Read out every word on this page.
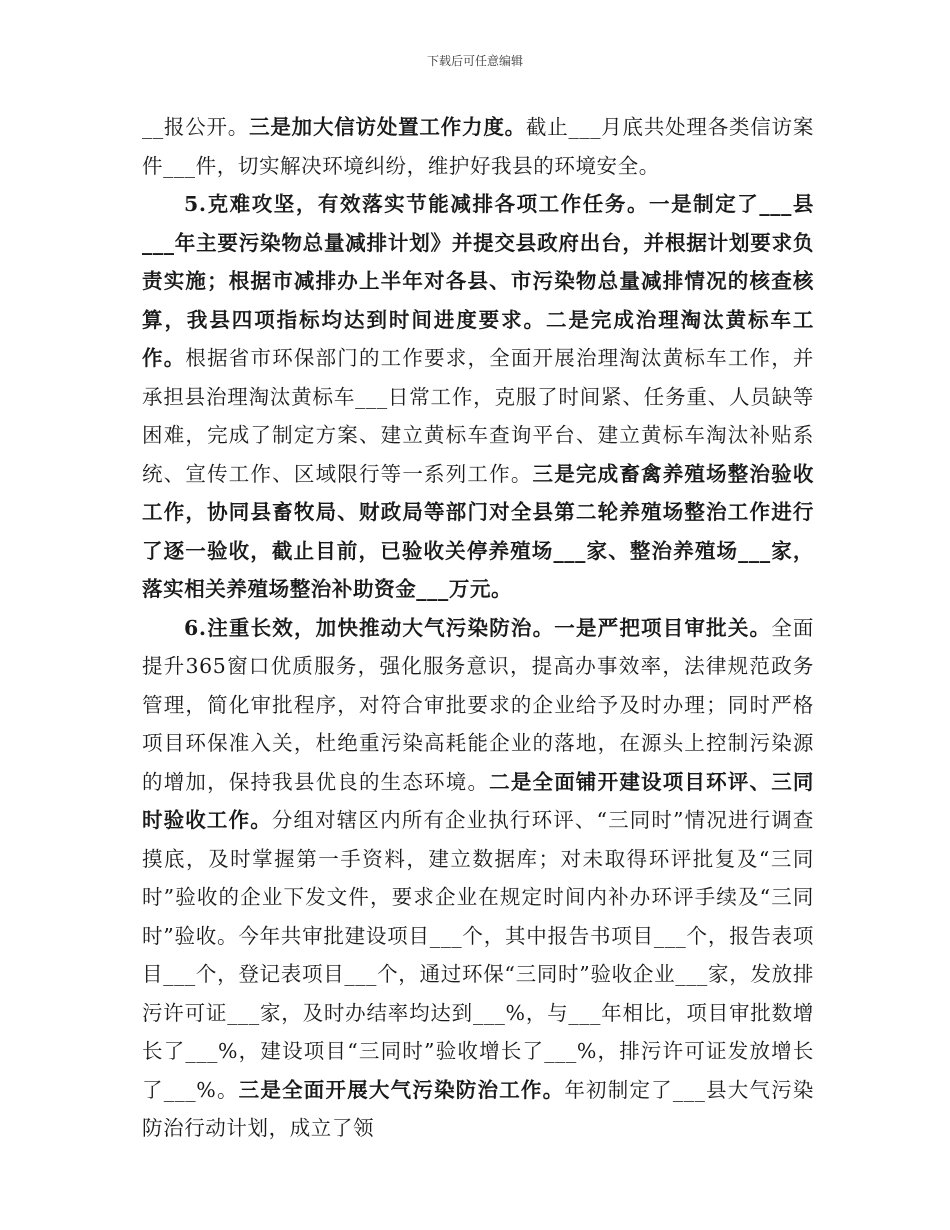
下载后可任意编辑

__报公开。三是加大信访处置工作力度。截止___月底共处理各类信访案件___件，切实解决环境纠纷，维护好我县的环境安全。

5.克难攻坚，有效落实节能减排各项工作任务。一是制定了___县___年主要污染物总量减排计划》并提交县政府出台，并根据计划要求负责实施；根据市减排办上半年对各县、市污染物总量减排情况的核查核算，我县四项指标均达到时间进度要求。二是完成治理淘汰黄标车工作。根据省市环保部门的工作要求，全面开展治理淘汰黄标车工作，并承担县治理淘汰黄标车___日常工作，克服了时间紧、任务重、人员缺等困难，完成了制定方案、建立黄标车查询平台、建立黄标车淘汰补贴系统、宣传工作、区域限行等一系列工作。三是完成畜禽养殖场整治验收工作，协同县畜牧局、财政局等部门对全县第二轮养殖场整治工作进行了逐一验收，截止目前，已验收关停养殖场___家、整治养殖场___家，落实相关养殖场整治补助资金___万元。

6.注重长效，加快推动大气污染防治。一是严把项目审批关。全面提升365窗口优质服务，强化服务意识，提高办事效率，法律规范政务管理，简化审批程序，对符合审批要求的企业给予及时办理；同时严格项目环保准入关，杜绝重污染高耗能企业的落地，在源头上控制污染源的增加，保持我县优良的生态环境。二是全面铺开建设项目环评、三同时验收工作。分组对辖区内所有企业执行环评、“三同时”情况进行调查摸底，及时掌握第一手资料，建立数据库；对未取得环评批复及“三同时”验收的企业下发文件，要求企业在规定时间内补办环评手续及“三同时”验收。今年共审批建设项目___个，其中报告书项目___个，报告表项目___个，登记表项目___个，通过环保“三同时”验收企业___家，发放排污许可证___家，及时办结率均达到___%，与___年相比，项目审批数增长了___%，建设项目“三同时”验收增长了___%，排污许可证发放增长了___%。三是全面开展大气污染防治工作。年初制定了___县大气污染防治行动计划，成立了领
